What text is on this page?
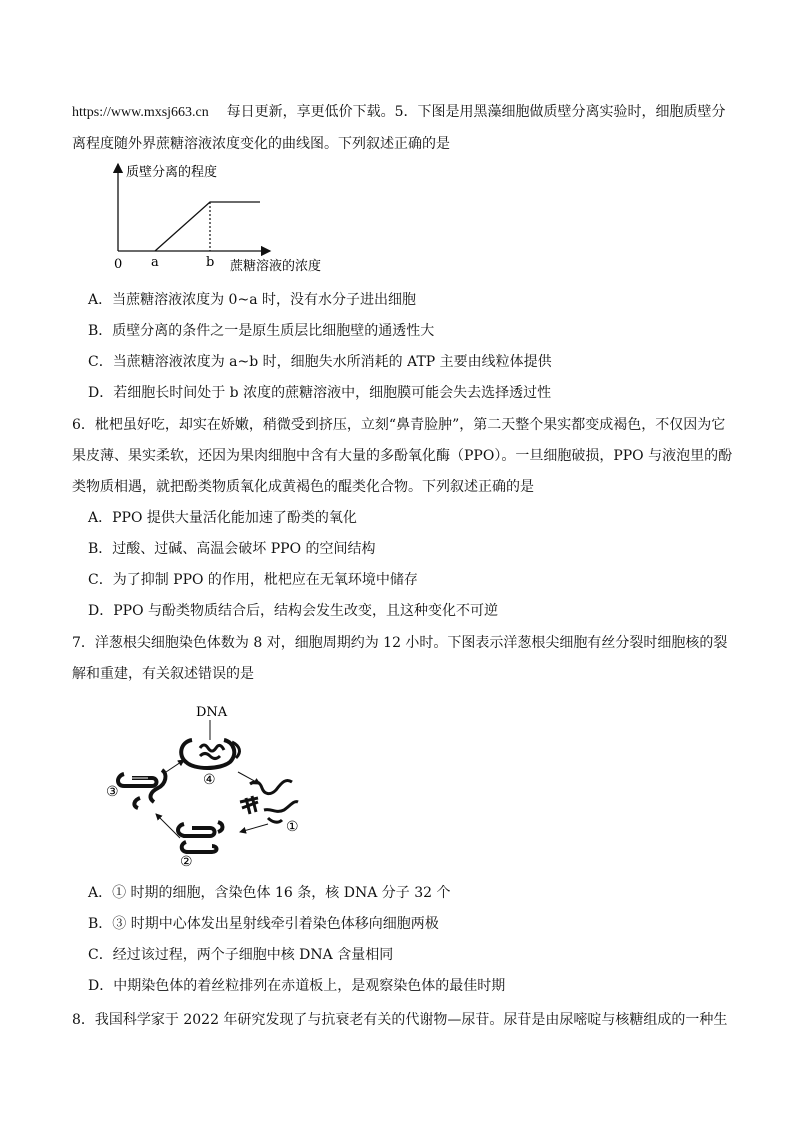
https://www.mxsj663.cn 每日更新，享更低价下载。5．下图是用黑藻细胞做质壁分离实验时，细胞质壁分
离程度随外界蔗糖溶液浓度变化的曲线图。下列叙述正确的是
质壁分离的程度
0 a	b 蔗糖溶液的浓度
A．当蔗糖溶液浓度为 0~a 时，没有水分子进出细胞
B．质壁分离的条件之一是原生质层比细胞壁的通透性大
C．当蔗糖溶液浓度为 a~b 时，细胞失水所消耗的 ATP 主要由线粒体提供
D．若细胞长时间处于 b 浓度的蔗糖溶液中，细胞膜可能会失去选择透过性
6．枇杷虽好吃，却实在娇嫩，稍微受到挤压，立刻“鼻青脸肿”，第二天整个果实都变成褐色，不仅因为它
果皮薄、果实柔软，还因为果肉细胞中含有大量的多酚氧化酶（PPO）。一旦细胞破损，PPO 与液泡里的酚
类物质相遇，就把酚类物质氧化成黄褐色的醌类化合物。下列叙述正确的是
A．PPO 提供大量活化能加速了酚类的氧化
B．过酸、过碱、高温会破坏 PPO 的空间结构
C．为了抑制 PPO 的作用，枇杷应在无氧环境中储存
D．PPO 与酚类物质结合后，结构会发生改变，且这种变化不可逆
7．洋葱根尖细胞染色体数为 8 对，细胞周期约为 12 小时。下图表示洋葱根尖细胞有丝分裂时细胞核的裂
解和重建，有关叙述错误的是
DNA
④
③
①
②
A．① 时期的细胞，含染色体 16 条，核 DNA 分子 32 个
B．③ 时期中心体发出星射线牵引着染色体移向细胞两极
C．经过该过程，两个子细胞中核 DNA 含量相同
D．中期染色体的着丝粒排列在赤道板上，是观察染色体的最佳时期
8．我国科学家于 2022 年研究发现了与抗衰老有关的代谢物—尿苷。尿苷是由尿嘧啶与核糖组成的一种生
